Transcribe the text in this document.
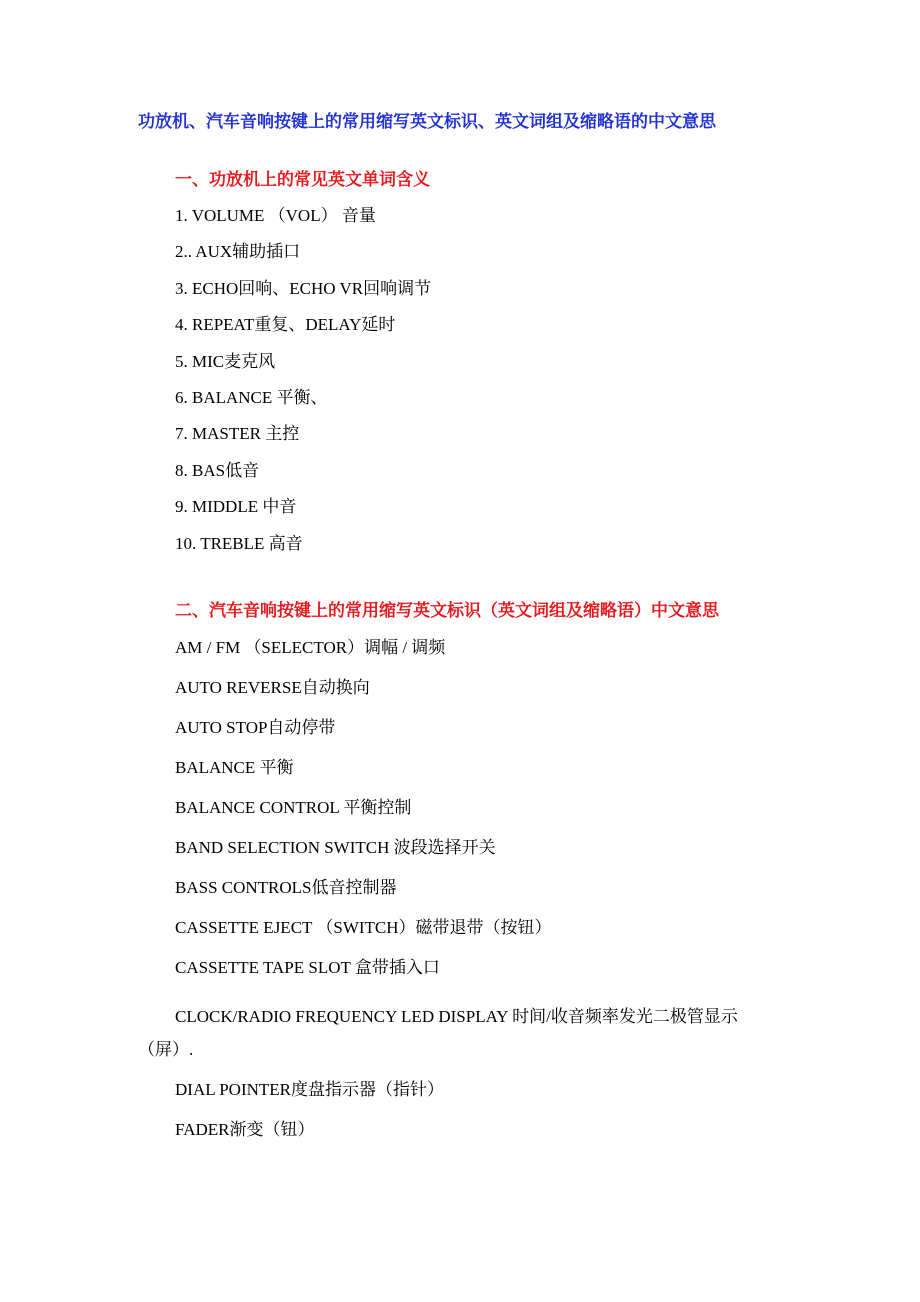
功放机、汽车音响按键上的常用缩写英文标识、英文词组及缩略语的中文意思
一、功放机上的常见英文单词含义
1. VOLUME （VOL） 音量
2.. AUX辅助插口
3. ECHO回响、ECHO VR回响调节
4. REPEAT重复、DELAY延时
5. MIC麦克风
6. BALANCE 平衡、
7. MASTER 主控
8. BAS低音
9. MIDDLE 中音
10. TREBLE 高音
二、汽车音响按键上的常用缩写英文标识（英文词组及缩略语）中文意思
AM / FM （SELECTOR）调幅 / 调频
AUTO REVERSE自动换向
AUTO STOP自动停带
BALANCE 平衡
BALANCE CONTROL 平衡控制
BAND SELECTION SWITCH 波段选择开关
BASS CONTROLS低音控制器
CASSETTE EJECT （SWITCH）磁带退带（按钮）
CASSETTE TAPE SLOT 盒带插入口
CLOCK/RADIO FREQUENCY LED DISPLAY 时间/收音频率发光二极管显示（屏）.
DIAL POINTER度盘指示器（指针）
FADER渐变（钮）
